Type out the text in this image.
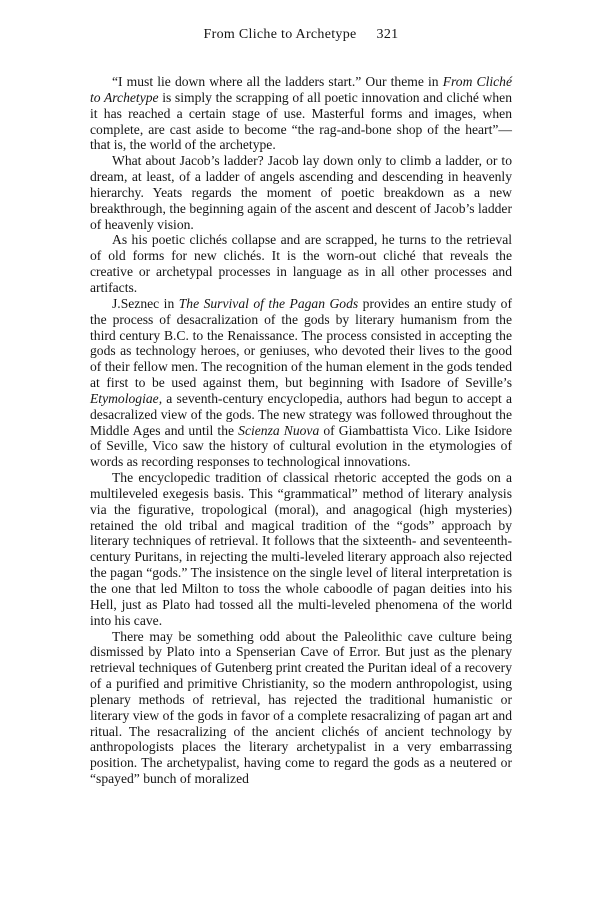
From Cliche to Archetype 321

“I must lie down where all the ladders start.” Our theme in From Cliché to Archetype is simply the scrapping of all poetic innovation and cliché when it has reached a certain stage of use. Masterful forms and images, when complete, are cast aside to become “the rag-and-bone shop of the heart”—that is, the world of the archetype.

What about Jacob’s ladder? Jacob lay down only to climb a ladder, or to dream, at least, of a ladder of angels ascending and descending in heavenly hierarchy. Yeats regards the moment of poetic breakdown as a new breakthrough, the beginning again of the ascent and descent of Jacob’s ladder of heavenly vision.

As his poetic clichés collapse and are scrapped, he turns to the retrieval of old forms for new clichés. It is the worn-out cliché that reveals the creative or archetypal processes in language as in all other processes and artifacts.

J.Seznec in The Survival of the Pagan Gods provides an entire study of the process of desacralization of the gods by literary humanism from the third century B.C. to the Renaissance. The process consisted in accepting the gods as technology heroes, or geniuses, who devoted their lives to the good of their fellow men. The recognition of the human element in the gods tended at first to be used against them, but beginning with Isadore of Seville’s Etymologiae, a seventh-century encyclopedia, authors had begun to accept a desacralized view of the gods. The new strategy was followed throughout the Middle Ages and until the Scienza Nuova of Giambattista Vico. Like Isidore of Seville, Vico saw the history of cultural evolution in the etymologies of words as recording responses to technological innovations.

The encyclopedic tradition of classical rhetoric accepted the gods on a multileveled exegesis basis. This “grammatical” method of literary analysis via the figurative, tropological (moral), and anagogical (high mysteries) retained the old tribal and magical tradition of the “gods” approach by literary techniques of retrieval. It follows that the sixteenth- and seventeenth-century Puritans, in rejecting the multi-leveled literary approach also rejected the pagan “gods.” The insistence on the single level of literal interpretation is the one that led Milton to toss the whole caboodle of pagan deities into his Hell, just as Plato had tossed all the multi-leveled phenomena of the world into his cave.

There may be something odd about the Paleolithic cave culture being dismissed by Plato into a Spenserian Cave of Error. But just as the plenary retrieval techniques of Gutenberg print created the Puritan ideal of a recovery of a purified and primitive Christianity, so the modern anthropologist, using plenary methods of retrieval, has rejected the traditional humanistic or literary view of the gods in favor of a complete resacralizing of pagan art and ritual. The resacralizing of the ancient clichés of ancient technology by anthropologists places the literary archetypalist in a very embarrassing position. The archetypalist, having come to regard the gods as a neutered or “spayed” bunch of moralized
